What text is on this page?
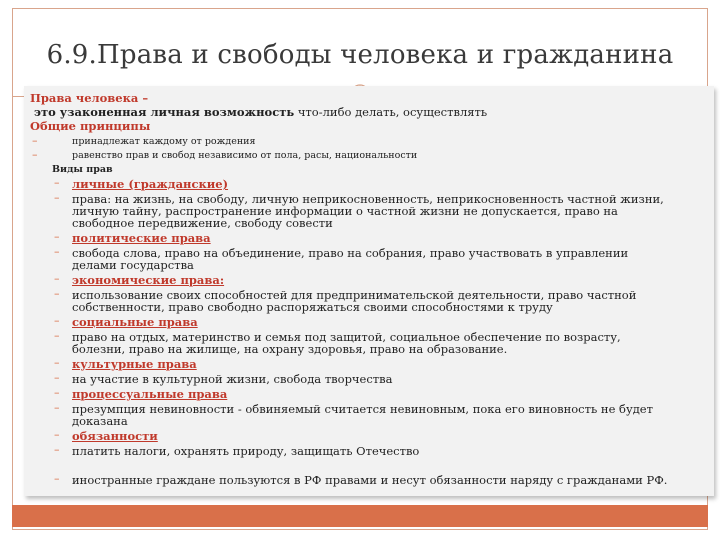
6.9.Права и свободы человека и гражданина
Права человека –
это узаконенная личная возможность что-либо делать, осуществлять
Общие принципы
–	принадлежат каждому от рождения
–	равенство прав и свобод независимо от пола, расы, национальности
Виды прав
– личные (гражданские)
– права: на жизнь, на свободу, личную неприкосновенность, неприкосновенность частной жизни,
личную тайну, распространение информации о частной жизни не допускается, право на
свободное передвижение, свободу совести
– политические права
– свобода слова, право на объединение, право на собрания, право участвовать в управлении
делами государства
– экономические права:
– использование своих способностей для предпринимательской деятельности, право частной
собственности, право свободно распоряжаться своими способностями к труду
– социальные права
– право на отдых, материнство и семья под защитой, социальное обеспечение по возрасту,
болезни, право на жилище, на охрану здоровья, право на образование.
– культурные права
– на участие в культурной жизни, свобода творчества
– процессуальные права
– презумпция невиновности - обвиняемый считается невиновным, пока его виновность не будет
доказана
– обязанности
– платить налоги, охранять природу, защищать Отечество
– иностранные граждане пользуются в РФ правами и несут обязанности наряду с гражданами РФ.
